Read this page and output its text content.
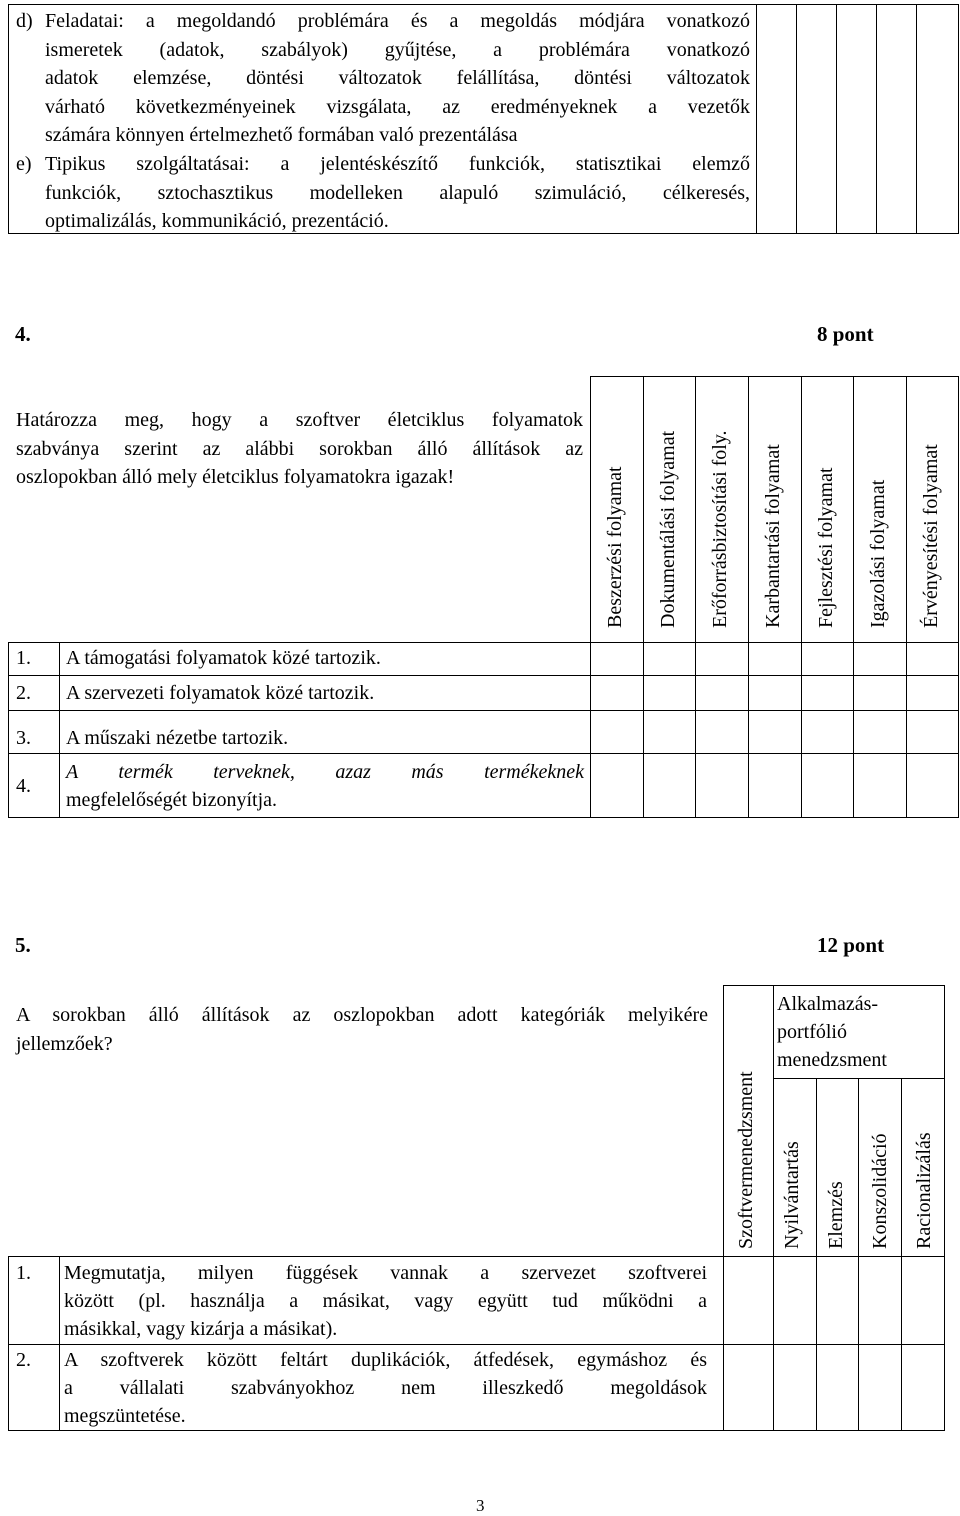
d) Feladatai: a megoldandó problémára és a megoldás módjára vonatkozó
ismeretek (adatok, szabályok) gyűjtése, a problémára vonatkozó
adatok elemzése, döntési változatok felállítása, döntési változatok
várható következményeinek vizsgálata, az eredményeknek a vezetők
számára könnyen értelmezhető formában való prezentálása
e) Tipikus szolgáltatásai: a jelentéskészítő funkciók, statisztikai elemző
funkciók, sztochasztikus modelleken alapuló szimuláció, célkeresés,
optimalizálás, kommunikáció, prezentáció.
4.	8 pont
Határozza meg, hogy a szoftver életciklus folyamatok
szabványa szerint az alábbi sorokban álló állítások az
oszlopokban álló mely életciklus folyamatokra igazak!	Beszerzési folyamat Dokumentálási folyamat Erőforrásbiztosítási foly. Karbantartási folyamat Fejlesztési folyamat Igazolási folyamat Érvényesítési folyamat
1. A támogatási folyamatok közé tartozik.
2. A szervezeti folyamatok közé tartozik.
3. A műszaki nézetbe tartozik.
4.
A termék terveknek, azaz más termékeknek
megfelelőségét bizonyítja.
5.	12 pont
A sorokban álló állítások az oszlopokban adott kategóriák melyikére
jellemzőek?
Alkalmazás-
portfólió
menedzsment
Szoftvermenedzsment Nyilvántartás Elemzés Konszolidáció Racionalizálás
1. Megmutatja, milyen függések vannak a szervezet szoftverei
között (pl. használja a másikat, vagy együtt tud működni a
másikkal, vagy kizárja a másikat).
2. A szoftverek között feltárt duplikációk, átfedések, egymáshoz és
a vállalati szabványokhoz nem illeszkedő megoldások
megszüntetése.
3
